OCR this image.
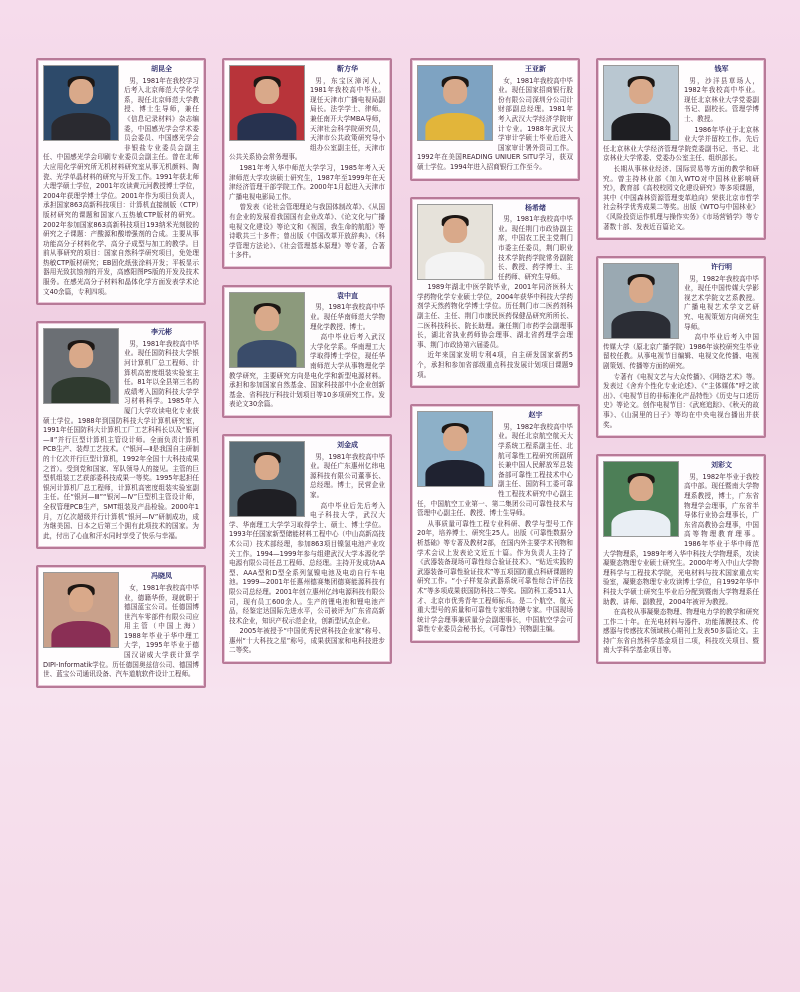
胡昆全

男，1981年在我校学习后考入北京师范大学化学系，现任北京师范大学教授、博士生导师，兼任《信息记录材料》杂志编委，中国感光学会学术委员会委员、中国感光学会非银盐专业委员会副主任、中国感光学会印刷专业委员会副主任。曾在北师大应用化学研究所无机材料研究室从事无机颜料、陶瓷、光学单晶材料的研究与开发工作。1991年获北师大理学硕士学位，2001年攻读黄元河教授博士学位，2004年获理学博士学位。2001年作为项目负责人，承担国家863高新科技项目：计算机直接制版（CTP）版材研究的课题和国家八五热敏CTP版材的研究。2002年参加国家863高新科技项目193纳米光刻胶的研究之子课题：产酸源和酸增强剂的合成。主要从事功能高分子材料化学、高分子成型与加工的教学。目前从事研究的项目：国家自然科学研究项目，免处理热敏CTP版材研究；EB固化纸张涂料开发；平板显示器用光致抗蚀剂的开发，高感阳图PS版的开发及技术服务。在感光高分子材料和晶体化学方面发表学术论文40余篇，专利四项。

李元彬

男，1981年我校高中毕业。现任国防科技大学银河计算机厂总工程师、计算机高密度组装实验室主任。81年以全县第三名的成绩考入国防科技大学学习材料科学。1985年入厦门大学攻读电化专业获硕士学位。1988年到国防科技大学计算机研究室，1991年任国防科大计算机工厂工艺科科长以及“银河—Ⅱ”并行巨型计算机主管设计师。全面负责计算机PCB生产、装焊工艺技术。（“银河—Ⅱ是我国自主研制的十亿次并行巨型计算机，1992年全国十大科技成果之首）。受到党和国家、军队领导人的接见。主管的巨型机组装工艺获部委科技成果一等奖。1995年起担任银河计算机厂总工程师，计算机高密度组装实验室副主任。任“银河—Ⅲ”“银河—Ⅳ”巨型机主管设计师，全权管理PCB生产，SMT组装及产品检验。2000年1月，万亿次超级并行计算机“银河—Ⅳ”研制成功，成为继美国、日本之后第三个拥有此项技术的国家。为此，付出了心血和汗水同时享受了快乐与幸福。

冯晓凤

女，1981年我校高中毕业，德籍华侨，现就职于德国蓝宝公司。任德国博世汽车零部件有限公司应用主管（中国上海）1988年毕业于华中理工大学，1995年毕业于德国汉诺威大学获计算学DIPI-Informatik学位。历任德国奥兹信公司、德国博世、蓝宝公司通讯设备、汽车道航软件设计工程师。

靳方华

男，东宝区漳河人，1981年我校高中毕业。现任天津市广播电视局副局长。法学学士、律师。兼任南开大学MBA导师，天津社会科学院研究员，天津市公共政策研究导小组办公室副主任，天津市公共关系协会常务理事。

1981年考入华中师范大学学习，1985年考入天津师范大学攻读硕士研究生，1987年至1999年在天津经济管理干部学院工作。2000年1月起进入天津市广播电视电影局工作。

曾发表《论社会管理理论与我国体制改革》、《从国有企业的发展看我国国有企业改革》、《论文化与广播电视文化建设》等论文和《视国，我生命的航船》等诗歌共三十多件；曾出版《中国改革开放辞典》、《科学管理方法论》、《社会管理基本原理》等专著，合著十多件。

袁中直

男，1981年我校高中毕业。现任华南师范大学物理化学教授、博士。

高中毕业后考入武汉大学化学系。华南理工大学取得博士学位，现任华南师范大学从事物理化学教学研究，主要研究方向是电化学和新型电源材料。承担和参加国家自然基金、国家科技部中小企业创新基金、省科技厅科技计划项目等10多项研究工作。发表论文30余篇。

刘金成

男，1981年我校高中毕业。现任广东惠州亿纬电源科技有限公司董事长、总经理。博士，民营企业家。

高中毕业后先后考入电子科技大学，武汉大学、华南理工大学学习取得学士、硕士、博士学位。1993年任国家新型储能材料工程中心（中山高新高技术公司）技术部经理，参加863项目镍氢电池产业攻关工作。1994—1999年参与组建武汉大学本源化学电源有限公司任总工程师、总经理。主持开发成功AA型、AAA型和D型全系列氢镍电池及电动自行车电池。1999—2001年任惠州德赛集团德赛能源科技有限公司总经理。2001年创立惠州亿纬电源科技有限公司，现有员工600余人。生产的锂电池和锂电池产品，经鉴定达国际先进水平，公司被评为广东省高新技术企业，知识产权示范企业，创新型试点企业。

2005年被授予“中国优秀民营科技企业家”称号、惠州“十大科技之星”称号，成果获国家和电科技进步二等奖。

王亚新

女，1981年我校高中毕业。现任国家招商银行股份有限公司深圳分公司计财部副总经理。1981年考入武汉大学经济学院审计专业。1988年武汉大学审计学硕士毕业后进入国家审计署外资司工作。1992年在美国READING UNIUER SITU学习，获双硕士学位。1994年进入招商银行工作至今。

杨希绪

男，1981年我校高中毕业。现任荆门市政协副主席，中国农工民主党荆门市委主任委员，荆门职业技术学院药学院常务副院长、教授、药学博士、主任药师、研究生导师。

1989年湖北中医学院毕业，2001年同济医科大学药物化学专业硕士学位，2004年获华中科技大学药剂学天然药物化学博士学位。历任荆门市二医药剂科副主任、主任、荆门市康民医药保健品研究所所长、二医科技科长、院长助理。兼任荆门市药学会副理事长，湖北省执业药师协会理事、湖北省药理学会理事、荆门市政协第六届委员。

近年来国家发明专利4项，自主研发国家新药5个，承担和参加省部级重点科技发展计划项目课题9项。

赵宇

男，1982年我校高中毕业。现任北京航空航天大学系统工程系副主任、北航可靠性工程研究所副所长兼中国人民解放军总装备部可靠性工程技术中心副主任、国防科工委可靠性工程技术研究中心副主任，中国航空工业第一、第二集团公司可靠性技术与管理中心副主任、教授、博士生导师。

从事质量可靠性工程专业科研、教学与型号工作20年，培养博士、研究生25人。出版《可靠性数据分析基础》等专著及教材2部，在国内外主要学术刊物和学术会议上发表论文近五十篇。作为负责人主持了《武器装备现场可靠性综合验证技术》、“贴近实践的武器装备可靠性验证技术”等五项国防重点科研课题的研究工作。“小子样复杂武器系统可靠性综合评估技术”等多项成果获国防科技二等奖。国防科工委511人才、北京市优秀青年工程师标兵。是二个航空、航天重大型号的质量和可靠性专家组特聘专家。中国现场统计学会理事兼质量分会副理事长，中国航空学会可靠性专业委员会秘书长，《可靠性》刊物副主编。

钱军

男，沙洋县草场人，1982年我校高中毕业。现任北京林业大学党委副书记、副校长。管理学博士、教授。

1986年毕业于北京林业大学并留校工作。先后任北京林业大学经济管理学院党委副书记、书记、北京林业大学常委、党委办公室主任、组织部长。

长期从事林业经济、国际贸易等方面的教学和研究。曾主持林业部《加入WTO对中国林业影响研究》，教育部《高校校园文化建设研究》等多项课题，其中《中国森林资源管理变革趋向》荣获北京市哲学社会科学优秀成果二等奖。出版《WTO与中国林业》《风险投资运作机理与操作实务》《市场营销学》等专著数十部、发表近百篇论文。

许行明

男，1982年我校高中毕业，现任中国传媒大学影视艺术学院文艺系教授。广播电视艺术学文艺研究、电视策划方向研究生导师。

高中毕业后考入中国传媒大学（原北京广播学院）1986年该校研究生毕业留校任教。从事电视节目编辑、电视文化传播、电视剧策划、传播等方面的研究。

专著有《电视文艺与大众传播》、《网络艺术》等。发表过《舍弃个性化专业论述》、《“主体媒体”呼之欲出》、《电视节目的非标准化产品特性》《历史与口述历史》等论文。创作电视节目：《武庭追踪》、《秋天的故事》、《山洞里的日子》等均在中央电视台播出并获奖。

刘彩文

男，1982年毕业于我校高中部。现任暨南大学物理系教授，博士，广东省物理学会理事，广东省半导体行业协会理事长，广东省高教协会理事，中国高等物理教育理事。1986年毕业于华中师范大学物理系，1989年考入华中科技大学物理系，攻读凝聚态物理专业硕士研究生。2000年考入中山大学物理科学与工程技术学院，光电材料与技术国家重点实验室，凝聚态物理专业攻读博士学位，自1992年华中科技大学硕士研究生毕业后分配到暨南大学物理系任助教、讲师、副教授，2004年被评为教授。

在高校从事凝聚态物理、物理电力学的教学和研究工作二十年。在光电材料与器件、功能薄膜技术、传感器与传感技术领域核心期刊上发表50多篇论文。主持广东省自然科学基金项目二项，科技攻关项目、暨南大学科学基金项目等。
